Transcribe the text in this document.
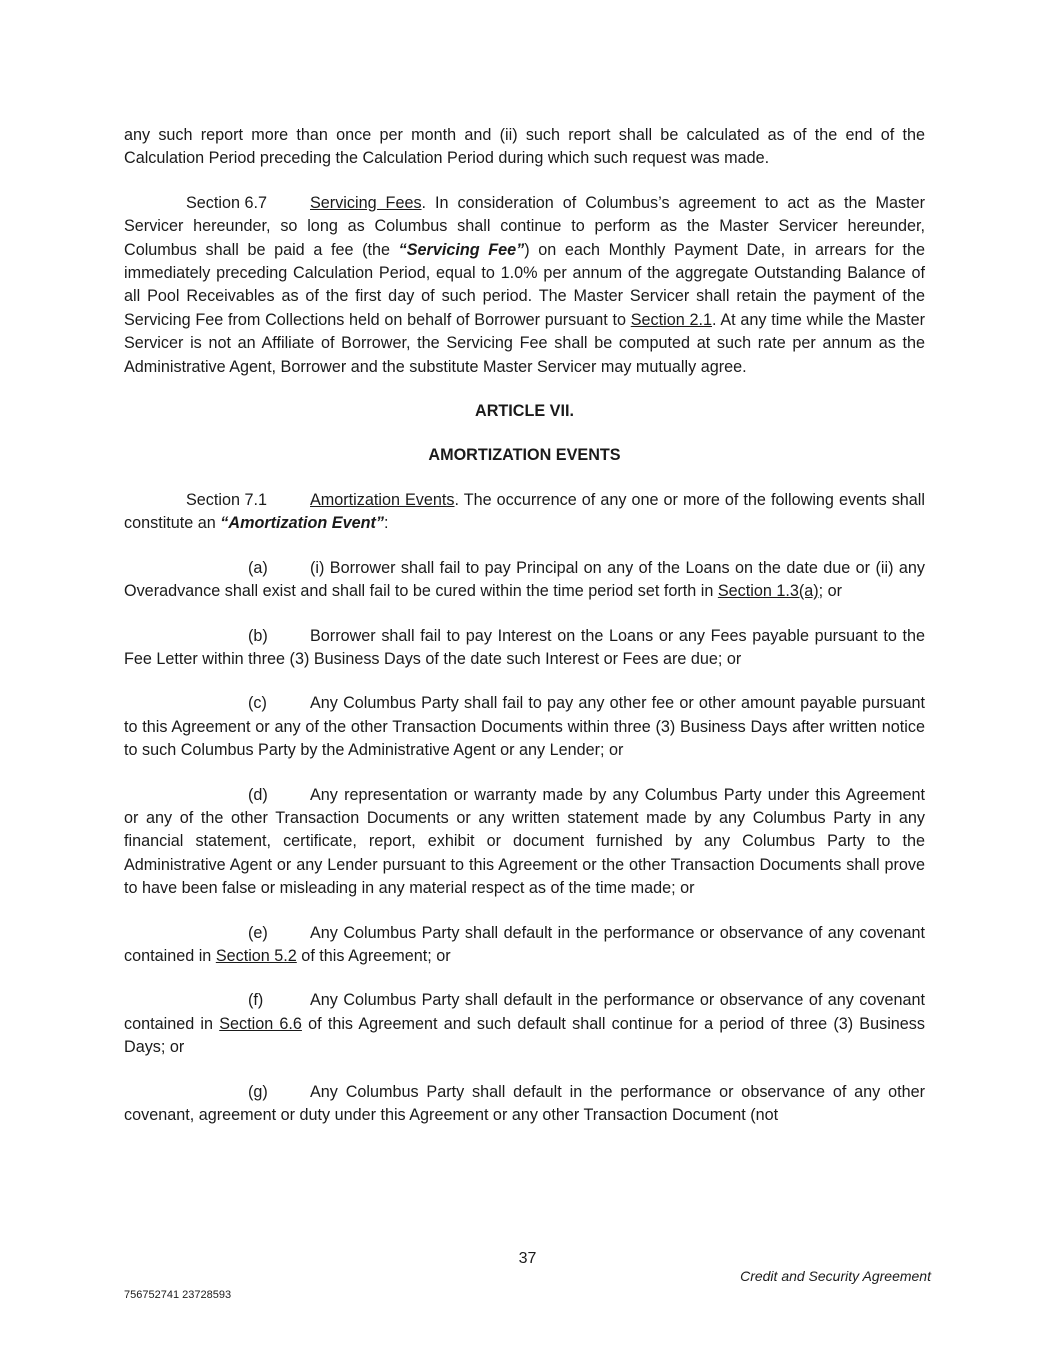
any such report more than once per month and (ii) such report shall be calculated as of the end of the Calculation Period preceding the Calculation Period during which such request was made.

Section 6.7	Servicing Fees. In consideration of Columbus’s agreement to act as the Master Servicer hereunder, so long as Columbus shall continue to perform as the Master Servicer hereunder, Columbus shall be paid a fee (the “Servicing Fee”) on each Monthly Payment Date, in arrears for the immediately preceding Calculation Period, equal to 1.0% per annum of the aggregate Outstanding Balance of all Pool Receivables as of the first day of such period. The Master Servicer shall retain the payment of the Servicing Fee from Collections held on behalf of Borrower pursuant to Section 2.1. At any time while the Master Servicer is not an Affiliate of Borrower, the Servicing Fee shall be computed at such rate per annum as the Administrative Agent, Borrower and the substitute Master Servicer may mutually agree.

ARTICLE VII.

AMORTIZATION EVENTS

Section 7.1	Amortization Events. The occurrence of any one or more of the following events shall constitute an “Amortization Event”:

(a)	(i) Borrower shall fail to pay Principal on any of the Loans on the date due or (ii) any Overadvance shall exist and shall fail to be cured within the time period set forth in Section 1.3(a); or

(b)	Borrower shall fail to pay Interest on the Loans or any Fees payable pursuant to the Fee Letter within three (3) Business Days of the date such Interest or Fees are due; or

(c)	Any Columbus Party shall fail to pay any other fee or other amount payable pursuant to this Agreement or any of the other Transaction Documents within three (3) Business Days after written notice to such Columbus Party by the Administrative Agent or any Lender; or

(d)	Any representation or warranty made by any Columbus Party under this Agreement or any of the other Transaction Documents or any written statement made by any Columbus Party in any financial statement, certificate, report, exhibit or document furnished by any Columbus Party to the Administrative Agent or any Lender pursuant to this Agreement or the other Transaction Documents shall prove to have been false or misleading in any material respect as of the time made; or

(e)	Any Columbus Party shall default in the performance or observance of any covenant contained in Section 5.2 of this Agreement; or

(f)	Any Columbus Party shall default in the performance or observance of any covenant contained in Section 6.6 of this Agreement and such default shall continue for a period of three (3) Business Days; or

(g)	Any Columbus Party shall default in the performance or observance of any other covenant, agreement or duty under this Agreement or any other Transaction Document (not

37
Credit and Security Agreement
756752741 23728593
